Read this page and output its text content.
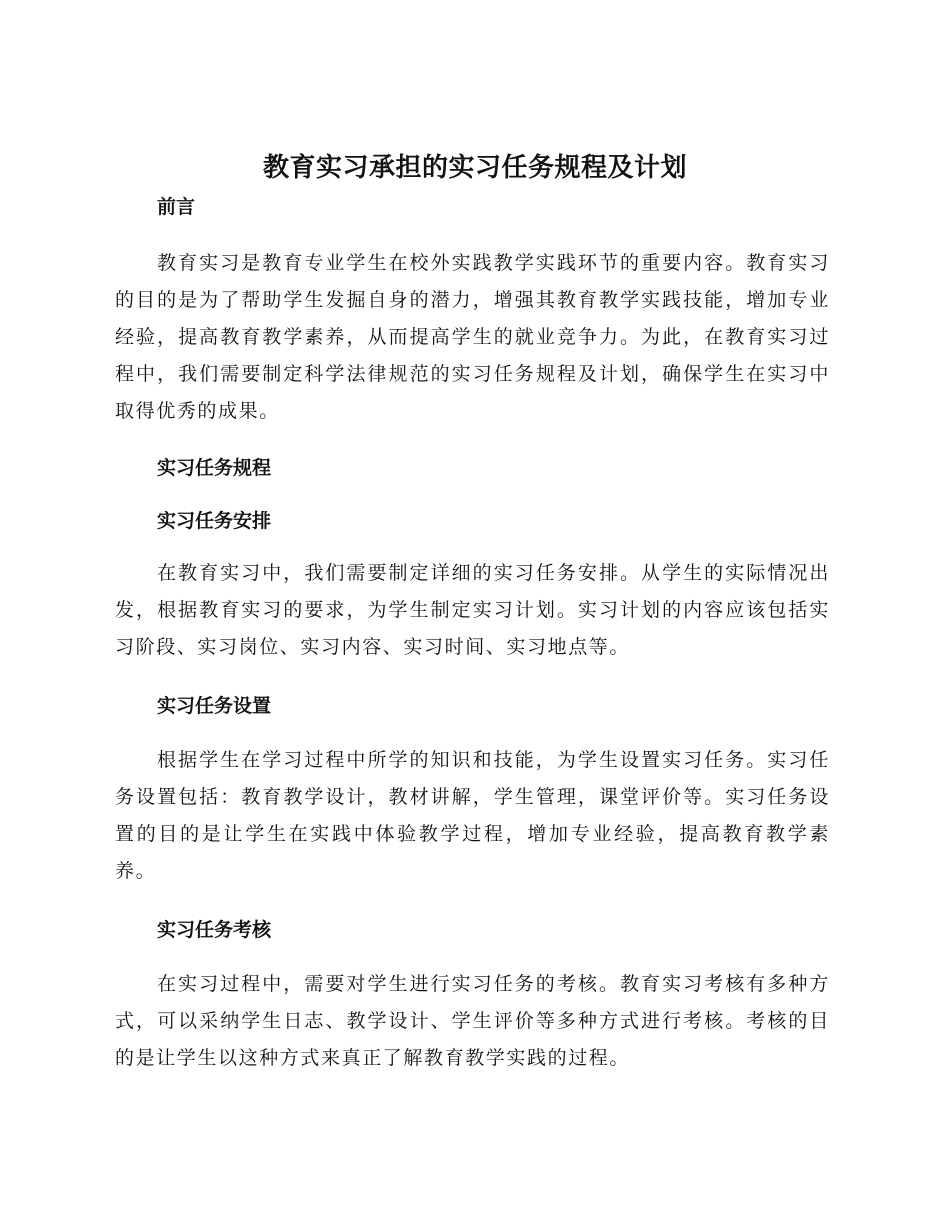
教育实习承担的实习任务规程及计划
前言

教育实习是教育专业学生在校外实践教学实践环节的重要内容。教育实习的目的是为了帮助学生发掘自身的潜力，增强其教育教学实践技能，增加专业经验，提高教育教学素养，从而提高学生的就业竞争力。为此，在教育实习过程中，我们需要制定科学法律规范的实习任务规程及计划，确保学生在实习中取得优秀的成果。

实习任务规程
实习任务安排

在教育实习中，我们需要制定详细的实习任务安排。从学生的实际情况出发，根据教育实习的要求，为学生制定实习计划。实习计划的内容应该包括实习阶段、实习岗位、实习内容、实习时间、实习地点等。

实习任务设置

根据学生在学习过程中所学的知识和技能，为学生设置实习任务。实习任务设置包括：教育教学设计，教材讲解，学生管理，课堂评价等。实习任务设置的目的是让学生在实践中体验教学过程，增加专业经验，提高教育教学素养。

实习任务考核

在实习过程中，需要对学生进行实习任务的考核。教育实习考核有多种方式，可以采纳学生日志、教学设计、学生评价等多种方式进行考核。考核的目的是让学生以这种方式来真正了解教育教学实践的过程。
